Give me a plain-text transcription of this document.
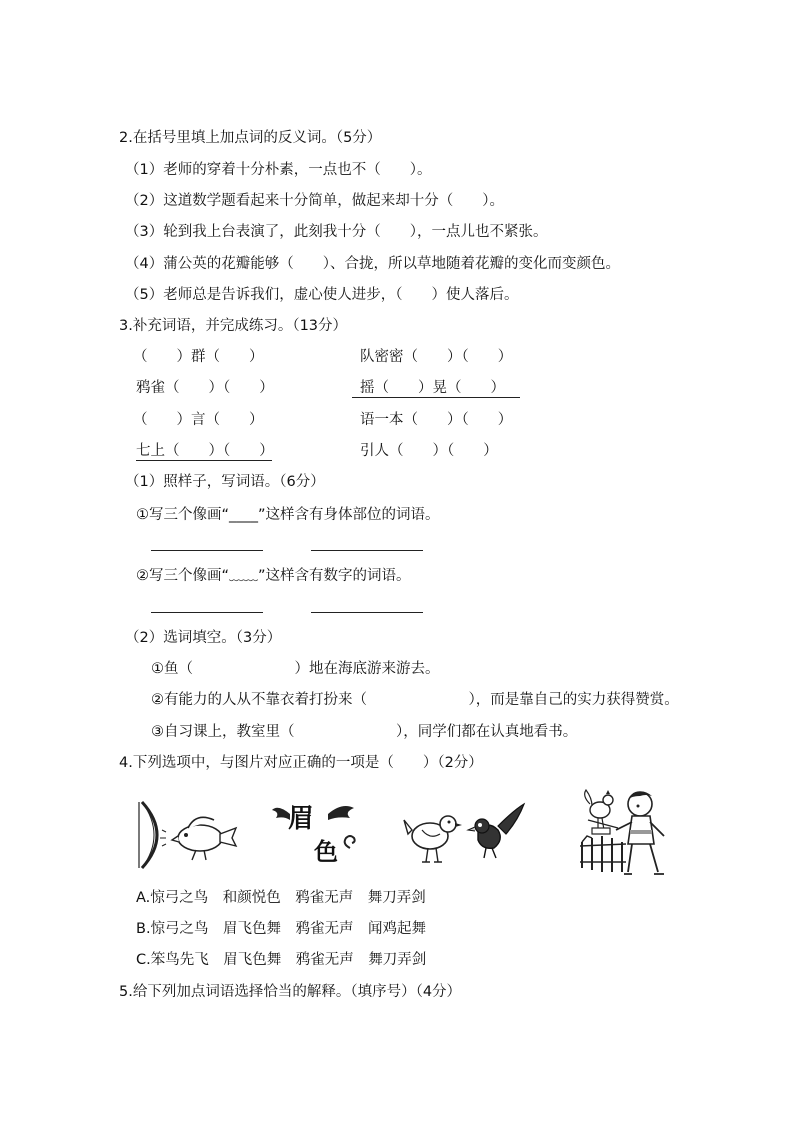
2.在括号里填上加点词的反义词。（5分）
（1）老师的穿着十分朴素，一点也不（　　）。
（2）这道数学题看起来十分简单，做起来却十分（　　）。
（3）轮到我上台表演了，此刻我十分（　　），一点儿也不紧张。
（4）蒲公英的花瓣能够（　　）、合拢，所以草地随着花瓣的变化而变颜色。
（5）老师总是告诉我们，虚心使人进步，（　　）使人落后。
3.补充词语，并完成练习。（13分）
（　　）群（　　）
鸦雀（　　）（　　）
（　　）言（　　）
七上（　　）（　　）
队密密（　　）（　　）
摇（　　）晃（　　）
语一本（　　）（　　）
引人（　　）（　　）
（1）照样子，写词语。（6分）
①写三个像画“____”这样含有身体部位的词语。
②写三个像画“﹏﹏”这样含有数字的词语。
（2）选词填空。（3分）
①鱼（　　　　　　　）地在海底游来游去。
②有能力的人从不靠衣着打扮来（　　　　　　　），而是靠自己的实力获得赞赏。
③自习课上，教室里（　　　　　　　），同学们都在认真地看书。
4.下列选项中，与图片对应正确的一项是（　　）（2分）
眉
色
A.惊弓之鸟　和颜悦色　鸦雀无声　舞刀弄剑
B.惊弓之鸟　眉飞色舞　鸦雀无声　闻鸡起舞
C.笨鸟先飞　眉飞色舞　鸦雀无声　舞刀弄剑
5.给下列加点词语选择恰当的解释。（填序号）（4分）
